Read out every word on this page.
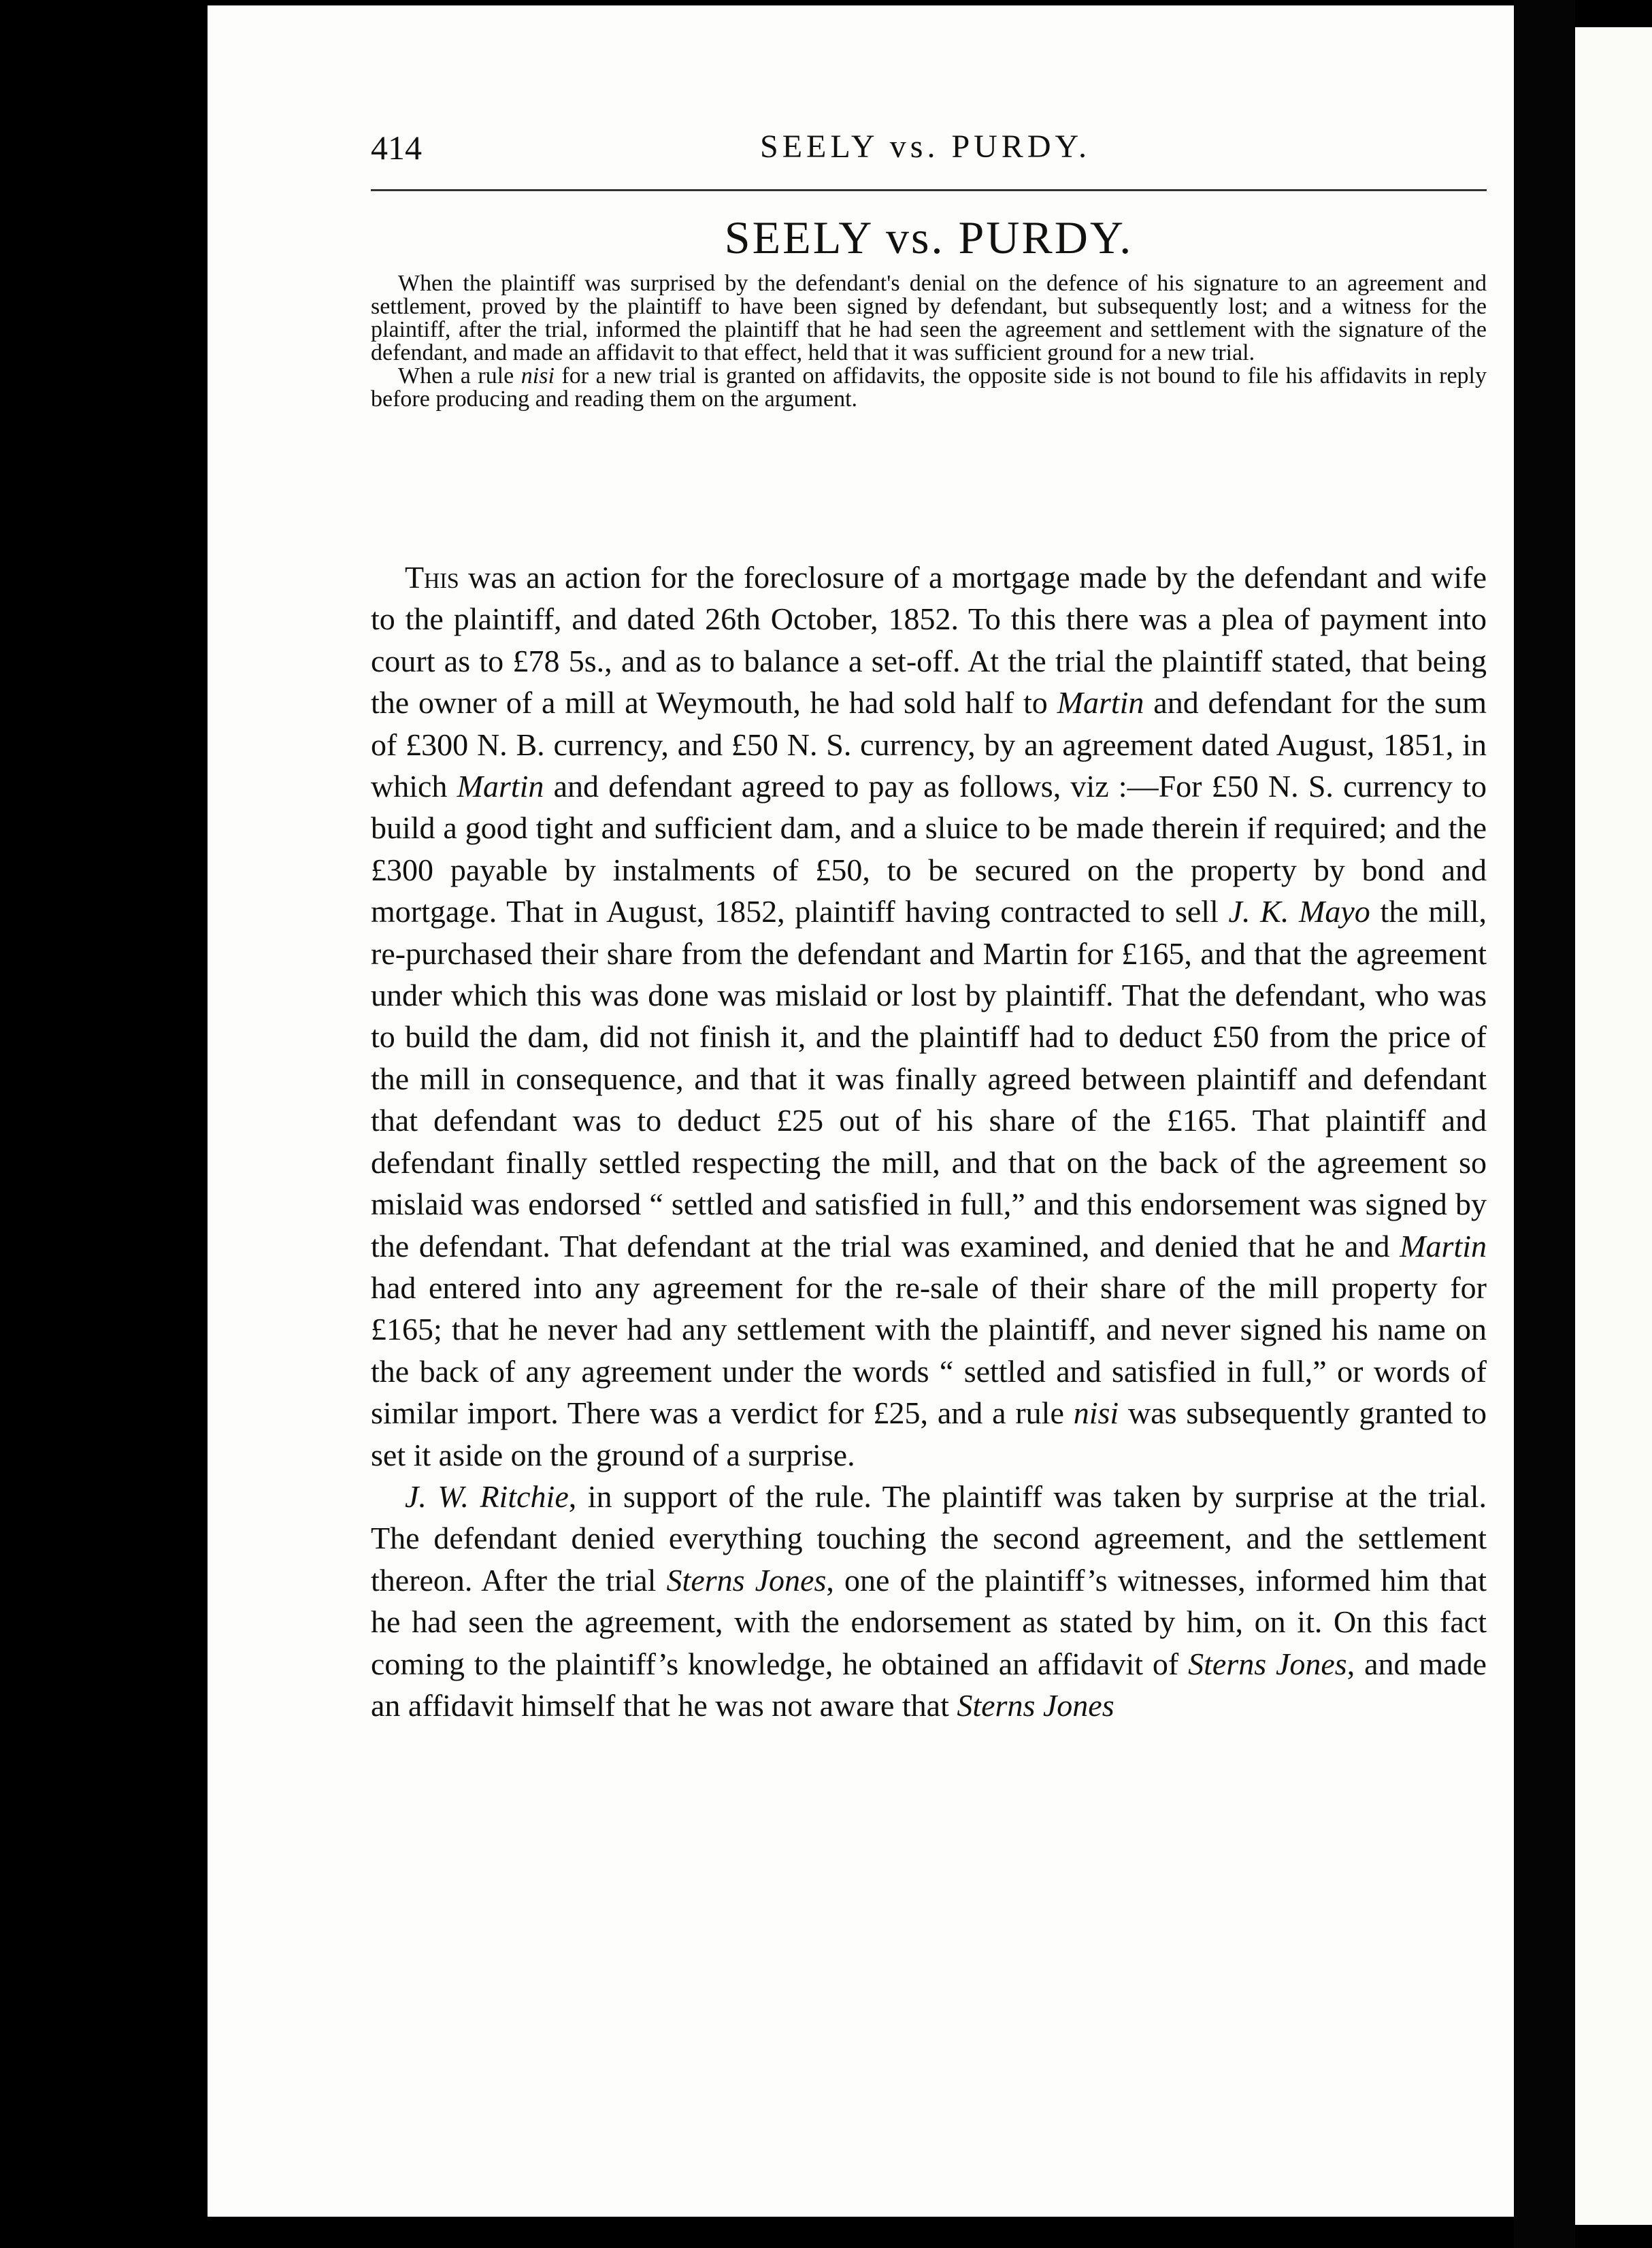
414	SEELY vs. PURDY.
SEELY vs. PURDY.

When the plaintiff was surprised by the defendant's denial on the defence of his signature to an agreement and settlement, proved by the plaintiff to have been signed by defendant, but subsequently lost; and a witness for the plaintiff, after the trial, informed the plaintiff that he had seen the agreement and settlement with the signature of the defendant, and made an affidavit to that effect, held that it was sufficient ground for a new trial.

When a rule nisi for a new trial is granted on affidavits, the opposite side is not bound to file his affidavits in reply before producing and reading them on the argument.

This was an action for the foreclosure of a mortgage made by the defendant and wife to the plaintiff, and dated 26th October, 1852. To this there was a plea of payment into court as to £78 5s., and as to balance a set-off. At the trial the plaintiff stated, that being the owner of a mill at Weymouth, he had sold half to Martin and defendant for the sum of £300 N. B. currency, and £50 N. S. currency, by an agreement dated August, 1851, in which Martin and defendant agreed to pay as follows, viz :—For £50 N. S. currency to build a good tight and sufficient dam, and a sluice to be made therein if required; and the £300 payable by instalments of £50, to be secured on the property by bond and mortgage. That in August, 1852, plaintiff having contracted to sell J. K. Mayo the mill, re-purchased their share from the defendant and Martin for £165, and that the agreement under which this was done was mislaid or lost by plaintiff. That the defendant, who was to build the dam, did not finish it, and the plaintiff had to deduct £50 from the price of the mill in consequence, and that it was finally agreed between plaintiff and defendant that defendant was to deduct £25 out of his share of the £165. That plaintiff and defendant finally settled respecting the mill, and that on the back of the agreement so mislaid was endorsed “ settled and satisfied in full,” and this endorsement was signed by the defendant. That defendant at the trial was examined, and denied that he and Martin had entered into any agreement for the re-sale of their share of the mill property for £165; that he never had any settlement with the plaintiff, and never signed his name on the back of any agreement under the words “ settled and satisfied in full,” or words of similar import. There was a verdict for £25, and a rule nisi was subsequently granted to set it aside on the ground of a surprise.

J. W. Ritchie, in support of the rule. The plaintiff was taken by surprise at the trial. The defendant denied everything touching the second agreement, and the settlement thereon. After the trial Sterns Jones, one of the plaintiff’s witnesses, informed him that he had seen the agreement, with the endorsement as stated by him, on it. On this fact coming to the plaintiff’s knowledge, he obtained an affidavit of Sterns Jones, and made an affidavit himself that he was not aware that Sterns Jones
